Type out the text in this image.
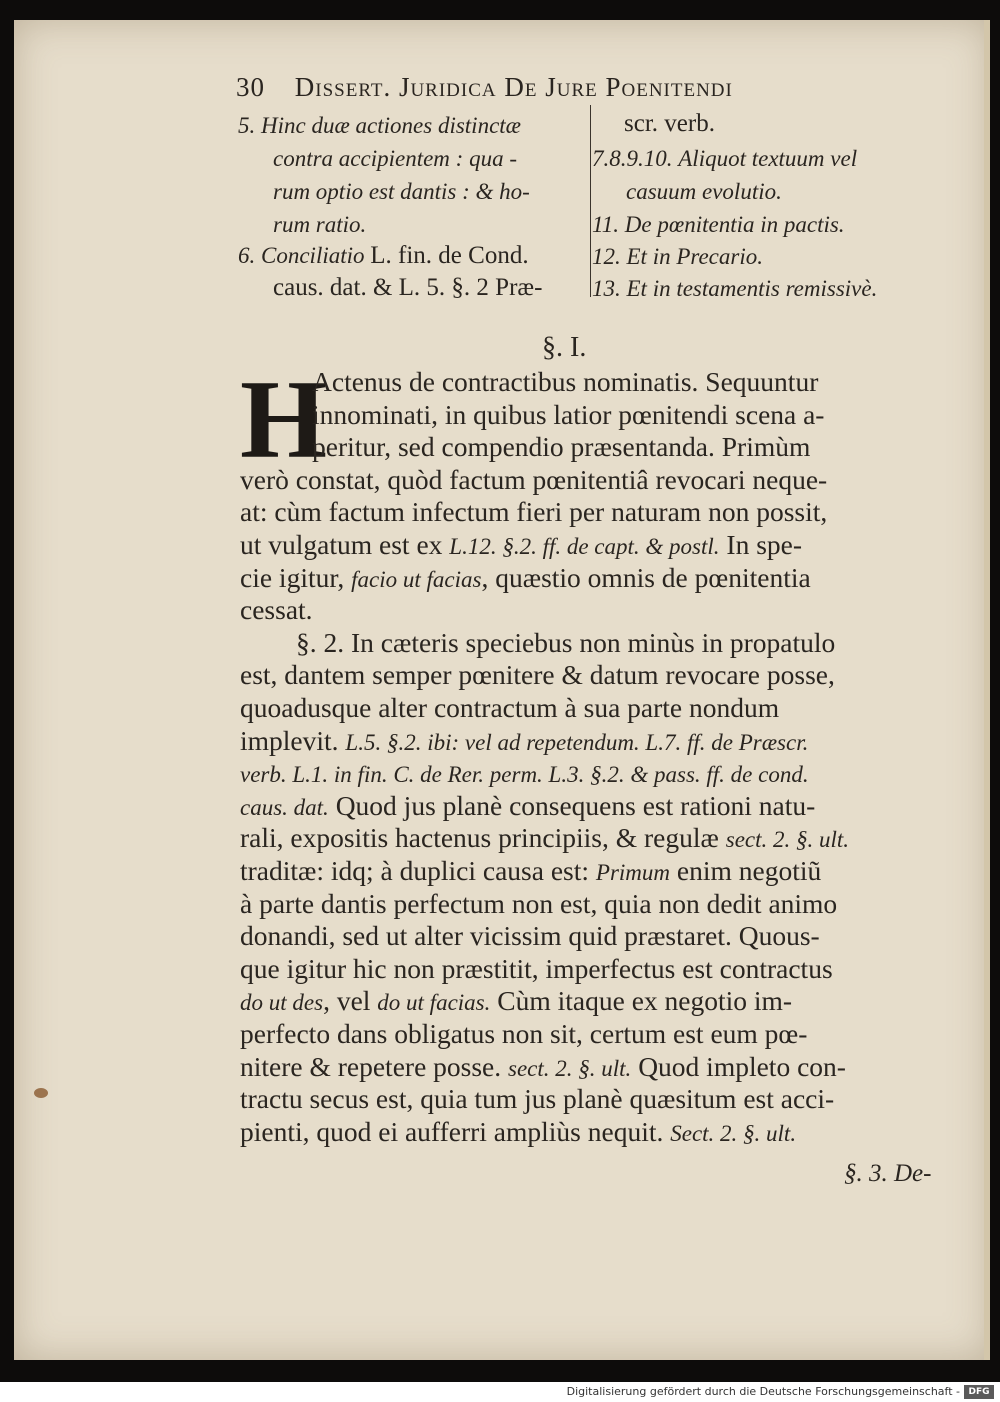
30 Dissert. Juridica De Jure Poenitendi
5. Hinc duæ actiones distinctæ
contra accipientem : qua -
rum optio est dantis : & ho-
rum ratio.
6. Conciliatio L. fin. de Cond.
caus. dat. & L. 5. §. 2 Præ-
scr. verb.
7.8.9.10. Aliquot textuum vel
casuum evolutio.
11. De pœnitentia in pactis.
12. Et in Precario.
13. Et in testamentis remissivè.
§. I.
H
Actenus de contractibus nominatis. Sequuntur
innominati, in quibus latior pœnitendi scena a-
peritur, sed compendio præsentanda. Primùm
verò constat, quòd factum pœnitentiâ revocari neque-
at: cùm factum infectum fieri per naturam non possit,
ut vulgatum est ex L.12. §.2. ff. de capt. & postl. In spe-
cie igitur, facio ut facias, quæstio omnis de pœnitentia
cessat.
§. 2. In cæteris speciebus non minùs in propatulo
est, dantem semper pœnitere & datum revocare posse,
quoadusque alter contractum à sua parte nondum
implevit. L.5. §.2. ibi: vel ad repetendum. L.7. ff. de Præscr.
verb. L.1. in fin. C. de Rer. perm. L.3. §.2. & pass. ff. de cond.
caus. dat. Quod jus planè consequens est rationi natu-
rali, expositis hactenus principiis, & regulæ sect. 2. §. ult.
traditæ: idq; à duplici causa est: Primum enim negotiũ
à parte dantis perfectum non est, quia non dedit animo
donandi, sed ut alter vicissim quid præstaret. Quous-
que igitur hic non præstitit, imperfectus est contractus
do ut des, vel do ut facias. Cùm itaque ex negotio im-
perfecto dans obligatus non sit, certum est eum pœ-
nitere & repetere posse. sect. 2. §. ult. Quod impleto con-
tractu secus est, quia tum jus planè quæsitum est acci-
pienti, quod ei aufferri ampliùs nequit. Sect. 2. §. ult.
§. 3. De-
Digitalisierung gefördert durch die Deutsche Forschungsgemeinschaft - DFG
